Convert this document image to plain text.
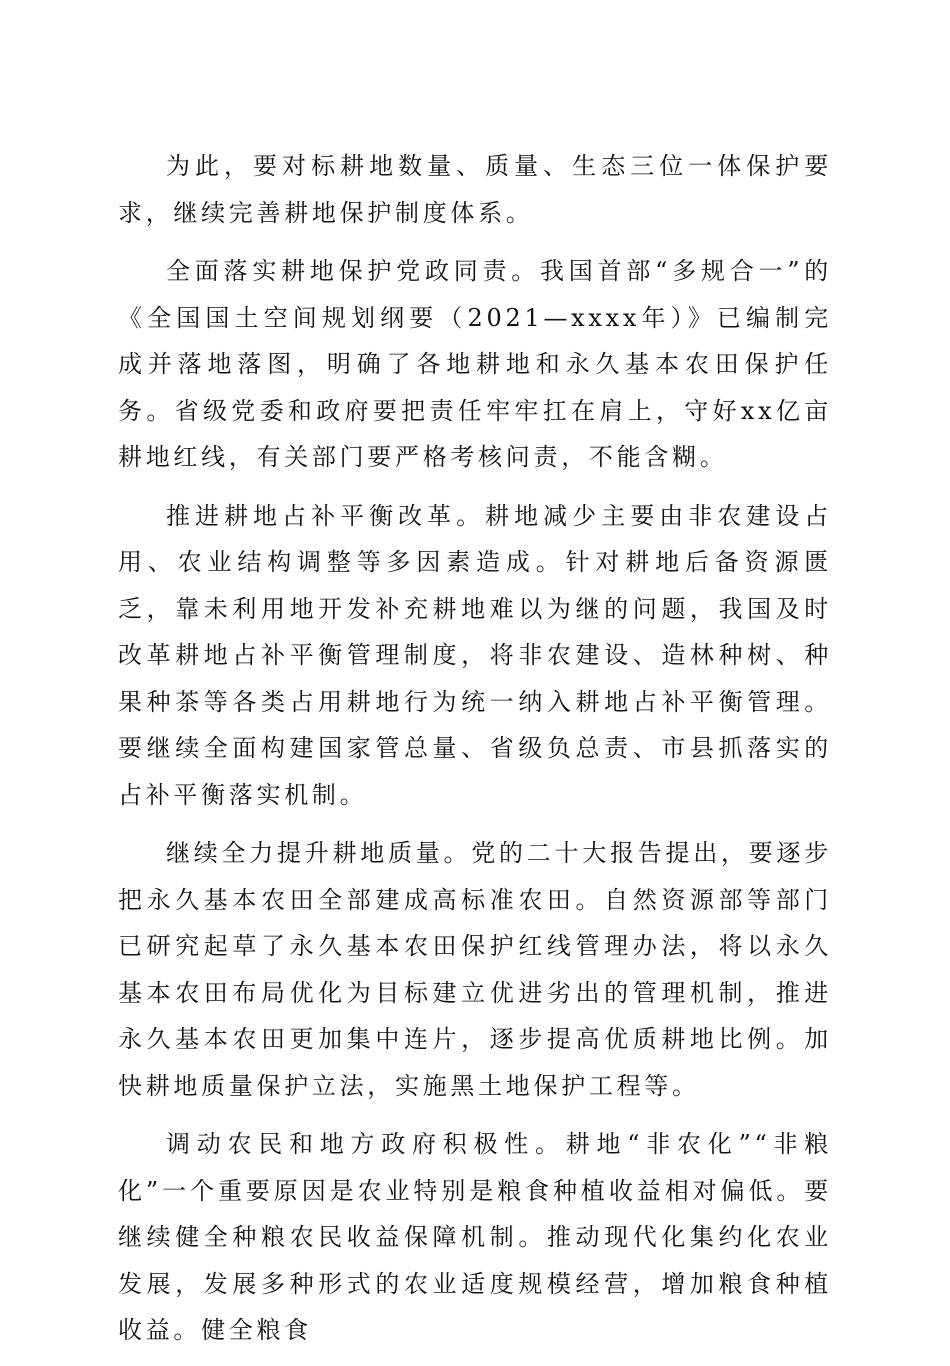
为此，要对标耕地数量、质量、生态三位一体保护要求，继续完善耕地保护制度体系。

全面落实耕地保护党政同责。我国首部“多规合一”的《全国国土空间规划纲要（2021—xxxx年）》已编制完成并落地落图，明确了各地耕地和永久基本农田保护任务。省级党委和政府要把责任牢牢扛在肩上，守好xx亿亩耕地红线，有关部门要严格考核问责，不能含糊。

推进耕地占补平衡改革。耕地减少主要由非农建设占用、农业结构调整等多因素造成。针对耕地后备资源匮乏，靠未利用地开发补充耕地难以为继的问题，我国及时改革耕地占补平衡管理制度，将非农建设、造林种树、种果种茶等各类占用耕地行为统一纳入耕地占补平衡管理。要继续全面构建国家管总量、省级负总责、市县抓落实的占补平衡落实机制。

继续全力提升耕地质量。党的二十大报告提出，要逐步把永久基本农田全部建成高标准农田。自然资源部等部门已研究起草了永久基本农田保护红线管理办法，将以永久基本农田布局优化为目标建立优进劣出的管理机制，推进永久基本农田更加集中连片，逐步提高优质耕地比例。加快耕地质量保护立法，实施黑土地保护工程等。

调动农民和地方政府积极性。耕地“非农化”“非粮化”一个重要原因是农业特别是粮食种植收益相对偏低。要继续健全种粮农民收益保障机制。推动现代化集约化农业发展，发展多种形式的农业适度规模经营，增加粮食种植收益。健全粮食
